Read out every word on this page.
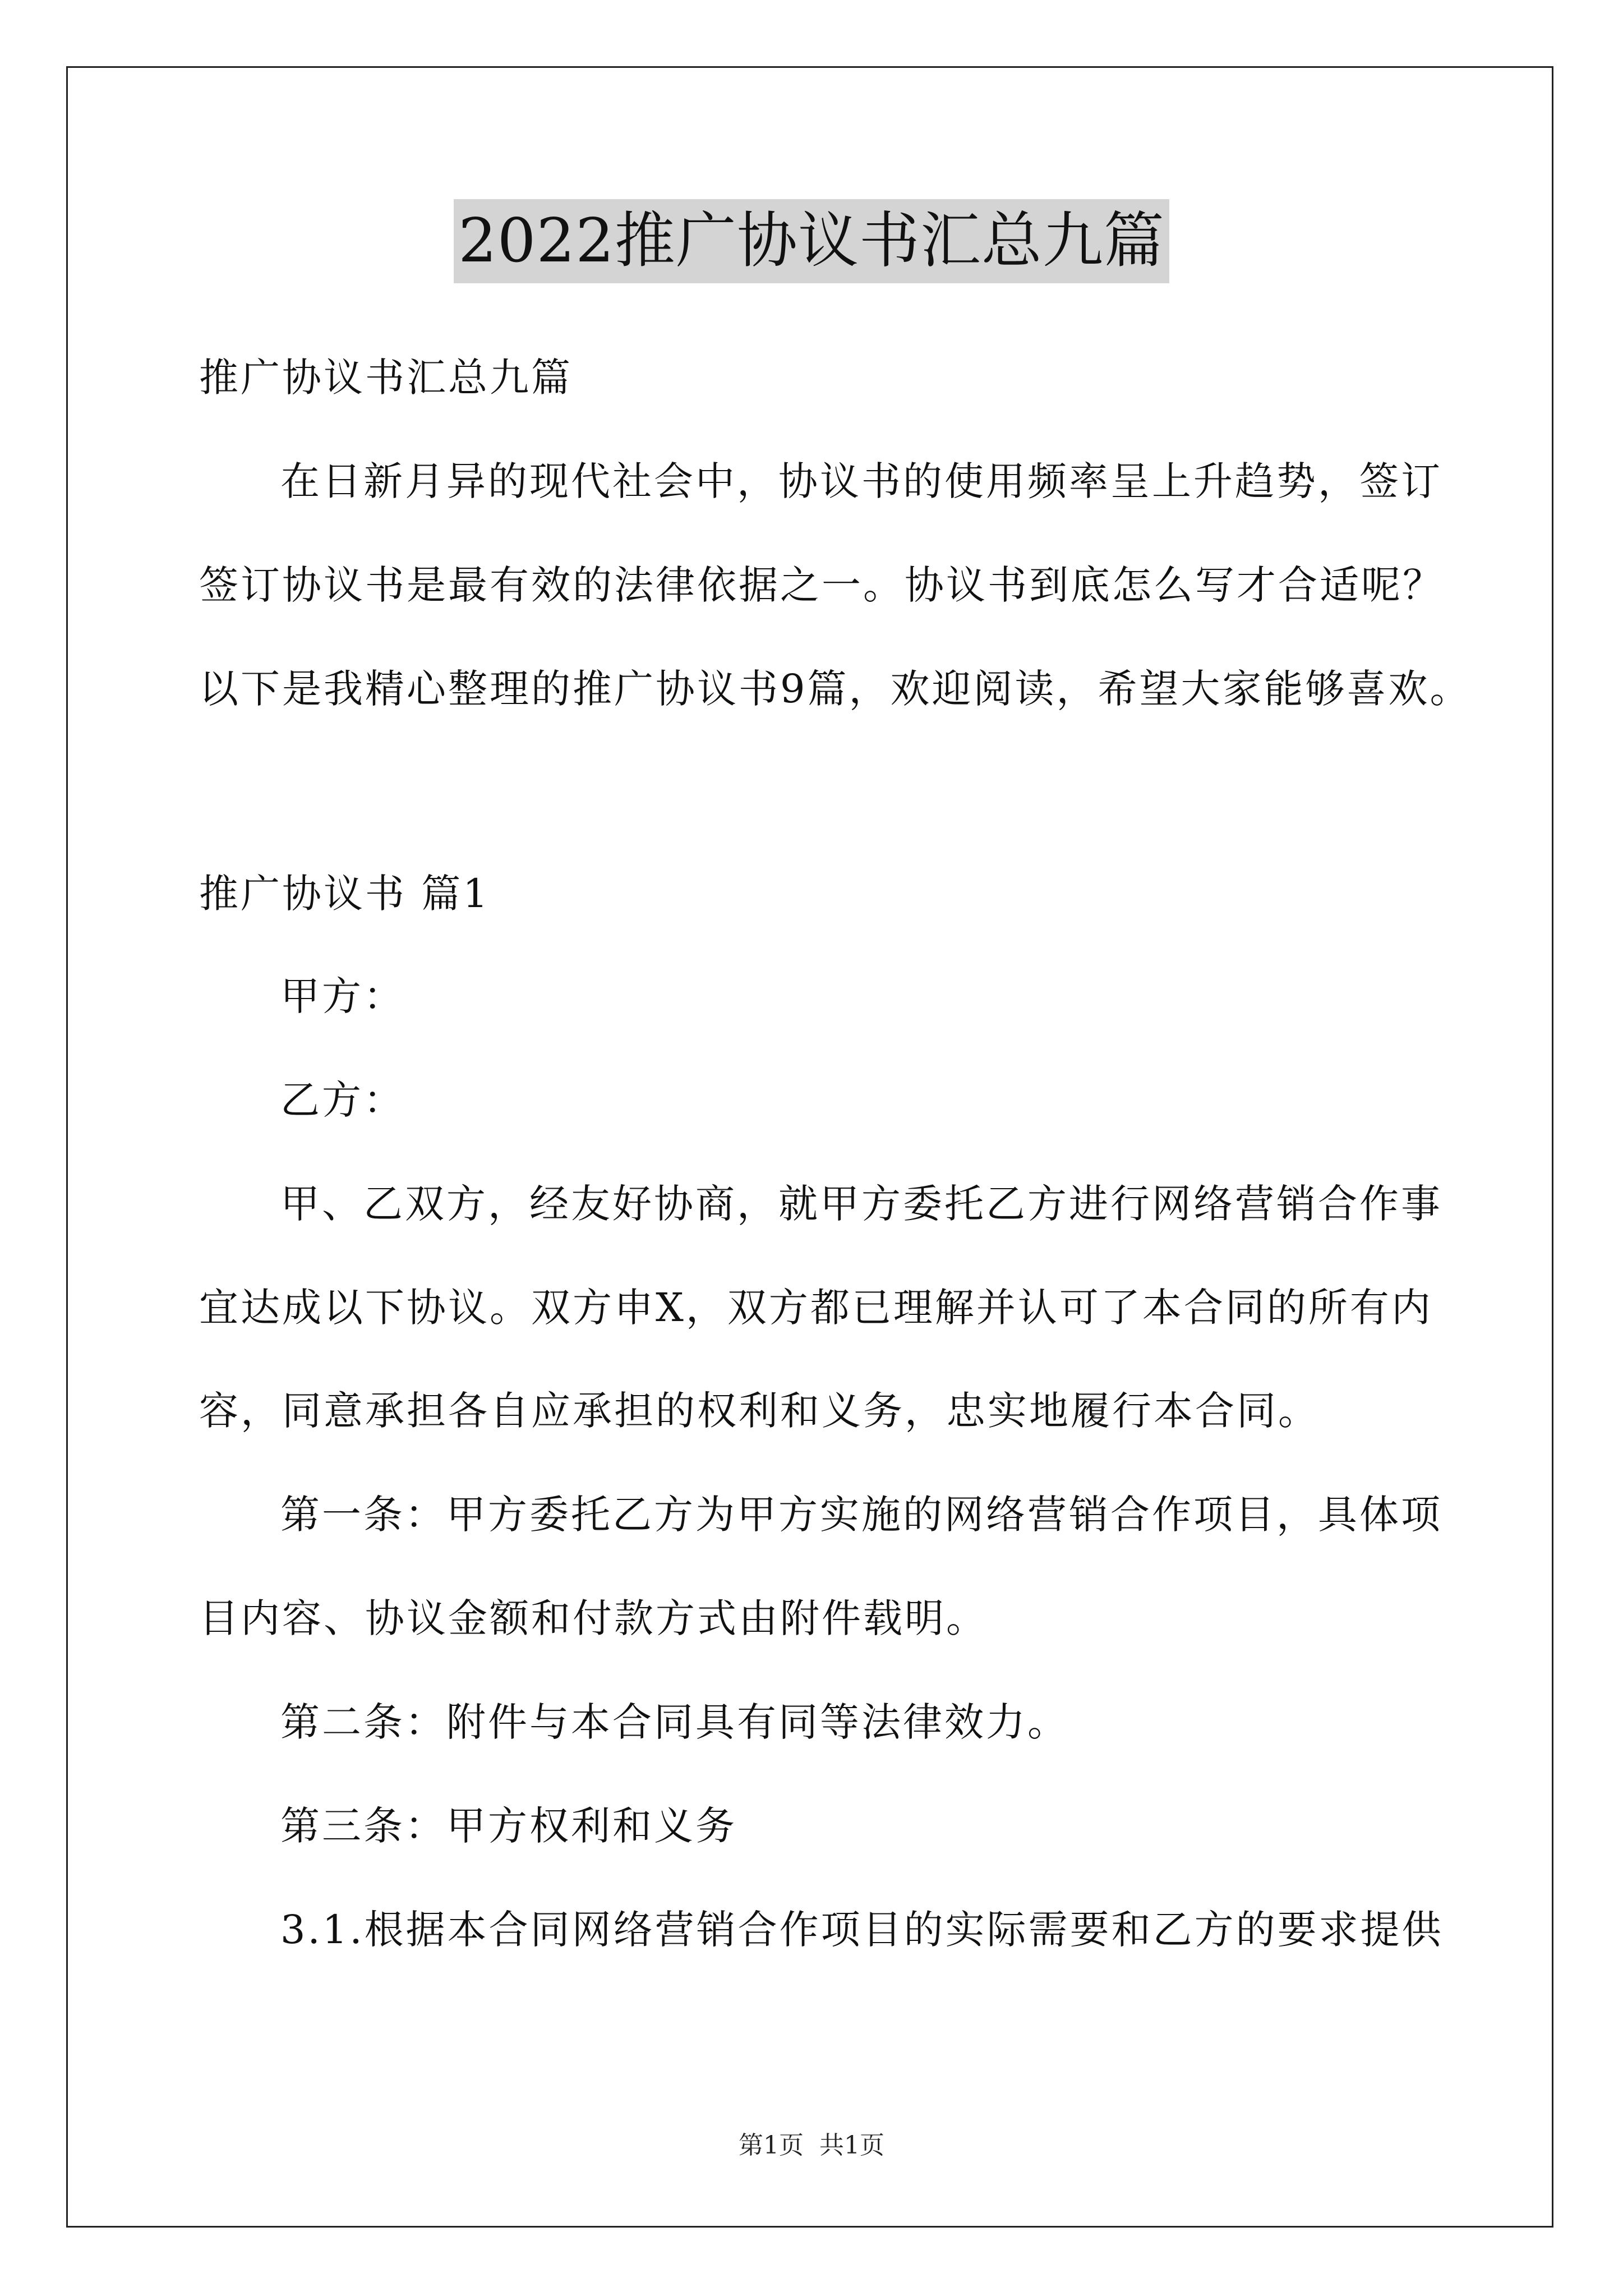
2022推广协议书汇总九篇
推广协议书汇总九篇
在日新月异的现代社会中，协议书的使用频率呈上升趋势，签订
签订协议书是最有效的法律依据之一。协议书到底怎么写才合适呢？
以下是我精心整理的推广协议书9篇，欢迎阅读，希望大家能够喜欢。
推广协议书 篇1
甲方：
乙方：
甲、乙双方，经友好协商，就甲方委托乙方进行网络营销合作事
宜达成以下协议。双方申X，双方都已理解并认可了本合同的所有内
容，同意承担各自应承担的权利和义务，忠实地履行本合同。
第一条：甲方委托乙方为甲方实施的网络营销合作项目，具体项
目内容、协议金额和付款方式由附件载明。
第二条：附件与本合同具有同等法律效力。
第三条：甲方权利和义务
3.1.根据本合同网络营销合作项目的实际需要和乙方的要求提供
第1页 共1页
